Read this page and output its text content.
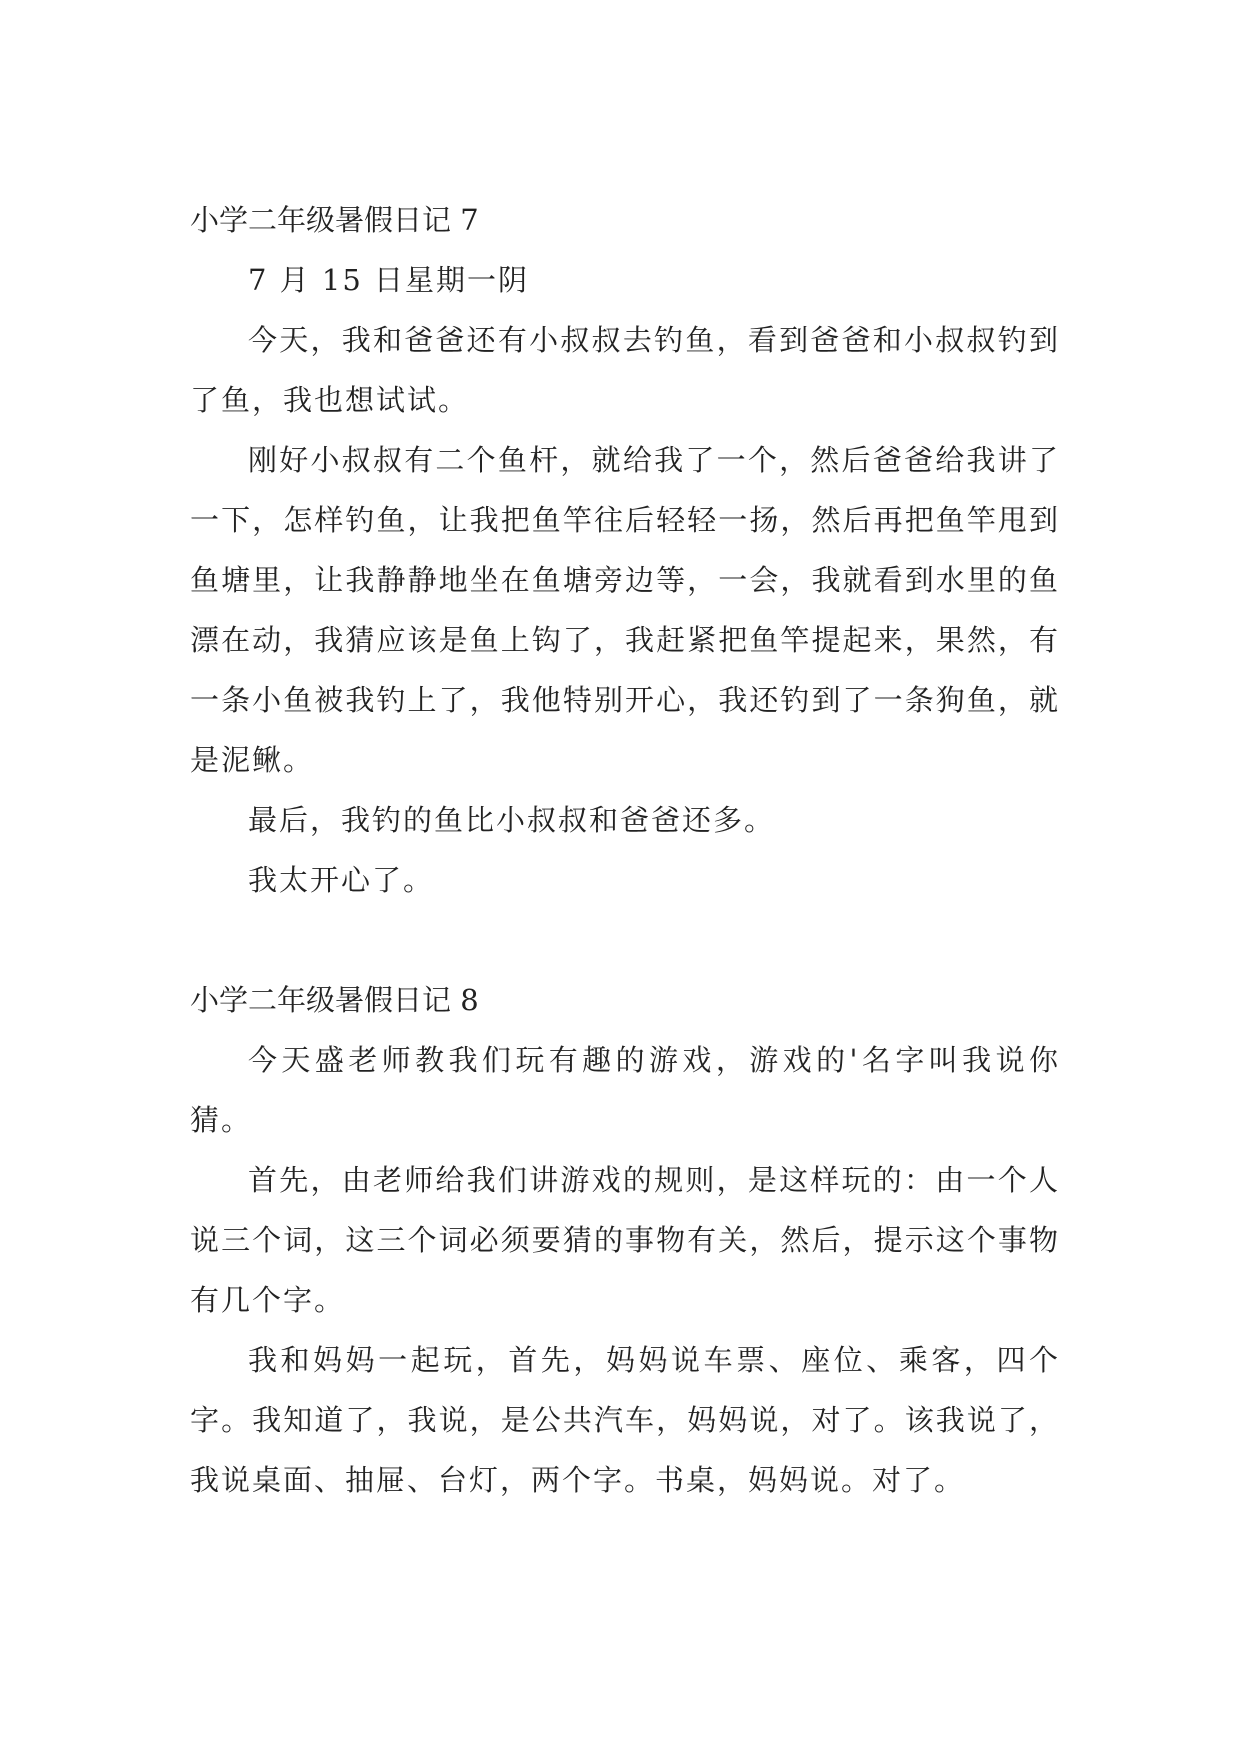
小学二年级暑假日记 7

7 月 15 日星期一阴

今天，我和爸爸还有小叔叔去钓鱼，看到爸爸和小叔叔钓到了鱼，我也想试试。

刚好小叔叔有二个鱼杆，就给我了一个，然后爸爸给我讲了一下，怎样钓鱼，让我把鱼竿往后轻轻一扬，然后再把鱼竿甩到鱼塘里，让我静静地坐在鱼塘旁边等，一会，我就看到水里的鱼漂在动，我猜应该是鱼上钩了，我赶紧把鱼竿提起来，果然，有一条小鱼被我钓上了，我他特别开心，我还钓到了一条狗鱼，就是泥鳅。

最后，我钓的鱼比小叔叔和爸爸还多。

我太开心了。

小学二年级暑假日记 8

今天盛老师教我们玩有趣的游戏，游戏的'名字叫我说你猜。

首先，由老师给我们讲游戏的规则，是这样玩的：由一个人说三个词，这三个词必须要猜的事物有关，然后，提示这个事物有几个字。

我和妈妈一起玩，首先，妈妈说车票、座位、乘客，四个字。我知道了，我说，是公共汽车，妈妈说，对了。该我说了，我说桌面、抽屉、台灯，两个字。书桌，妈妈说。对了。
